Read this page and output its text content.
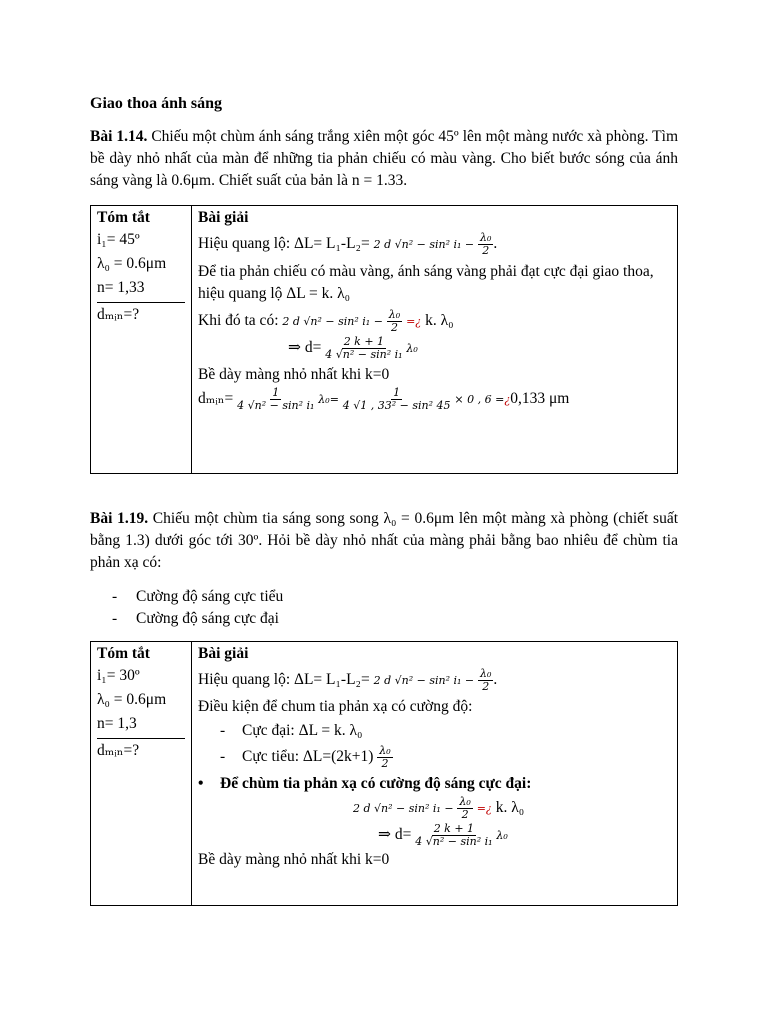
Giao thoa ánh sáng
Bài 1.14. Chiếu một chùm ánh sáng trắng xiên một góc 45º lên một màng nước xà phòng. Tìm bề dày nhỏ nhất của màn để những tia phản chiếu có màu vàng. Cho biết bước sóng của ánh sáng vàng là 0.6μm. Chiết suất của bản là n = 1.33.
Tóm tắt
i₁= 45º
λ₀ = 0.6μm
n= 1,33
dₘᵢₙ=?

Bài giải
Hiệu quang lộ: ΔL= L₁-L₂= 2 d √n² − sin² $i_1 - \frac{\text{λ₀}}{2}$ .
Để tia phản chiếu có màu vàng, ánh sáng vàng phải đạt cực đại giao thoa, hiệu quang lộ ΔL = k. λ₀
Khi đó ta có: 2 d √n² − sin² $i_1 - \frac{\text{λ₀}}{2}$ =¿ k. λ₀
⇒ $d= \frac{2 k + 1}{\text{4 √n² − sin² i₁}} \lambda_0$
Bề dày màng nhỏ nhất khi k=0
dₘᵢₙ= $\frac{1}{\text{4 √n² − sin² i₁}} \lambda_0= \frac{1}{\text{4 √1 , 33² − sin² 45}} \times 0$ , 6 =¿0,133 μm
Bài 1.19. Chiếu một chùm tia sáng song song λ₀ = 0.6μm lên một màng xà phòng (chiết suất bằng 1.3) dưới góc tới 30º. Hỏi bề dày nhỏ nhất của màng phải bằng bao nhiêu để chùm tia phản xạ có:
- Cường độ sáng cực tiểu
- Cường độ sáng cực đại
Tóm tắt
i₁= 30º
λ₀ = 0.6μm
n= 1,3
dₘᵢₙ=?

Bài giải
Hiệu quang lộ: ΔL= L₁-L₂= 2 d √n² − sin² $i_1 - \frac{\text{λ₀}}{2}$ .
Điều kiện để chum tia phản xạ có cường độ:
- Cực đại: ΔL = k. λ₀
- Cực tiểu: $\Delta L=(2k+1) \frac{\text{λ₀}}{2}$
• Để chùm tia phản xạ có cường độ sáng cực đại:
2 d √n² − sin² $i_1 - \frac{\text{λ₀}}{2}$ =¿ k. λ₀
⇒ $d= \frac{2 k + 1}{\text{4 √n² − sin² i₁}} \lambda_0$
Bề dày màng nhỏ nhất khi k=0
